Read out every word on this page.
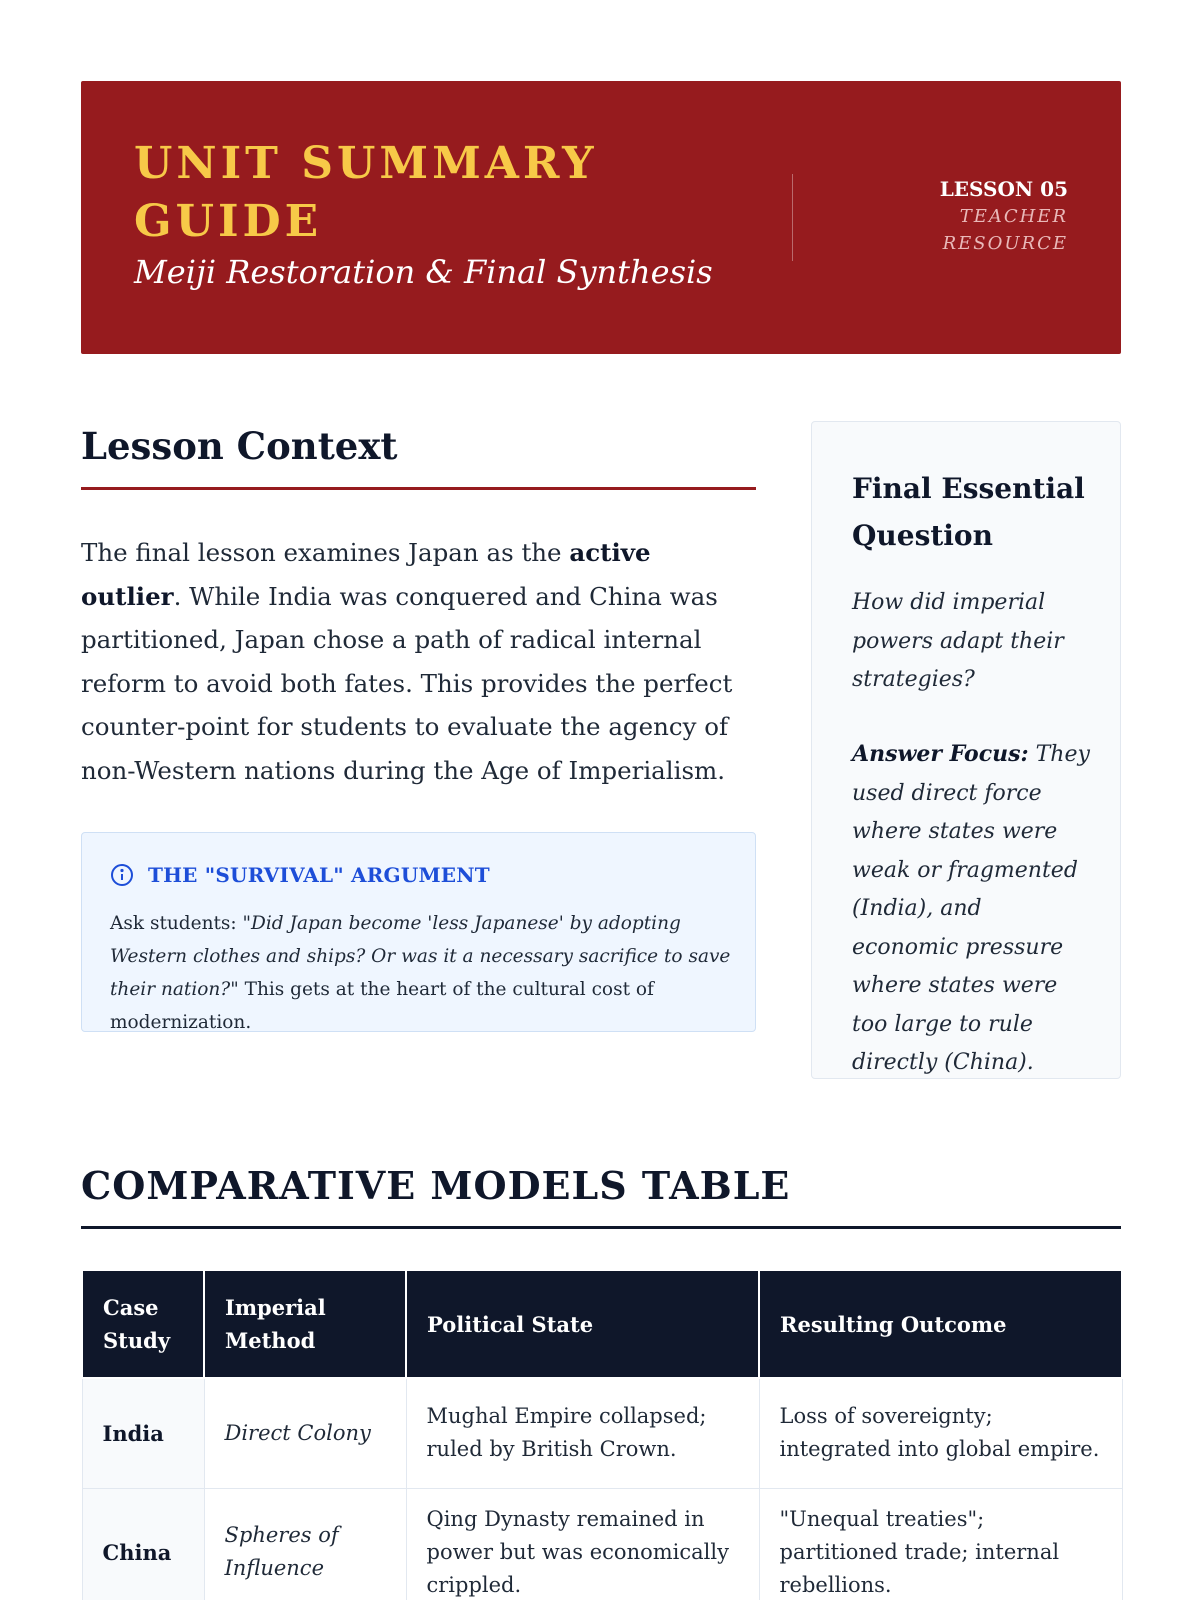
UNIT SUMMARY GUIDE
Meiji Restoration & Final Synthesis
LESSON 05
TEACHER RESOURCE
Lesson Context

The final lesson examines Japan as the active outlier. While India was conquered and China was partitioned, Japan chose a path of radical internal reform to avoid both fates. This provides the perfect counter-point for students to evaluate the agency of non-Western nations during the Age of Imperialism.

THE "SURVIVAL" ARGUMENT

Ask students: "Did Japan become 'less Japanese' by adopting Western clothes and ships? Or was it a necessary sacrifice to save their nation?" This gets at the heart of the cultural cost of modernization.

Final Essential Question

How did imperial powers adapt their strategies?

Answer Focus: They used direct force where states were weak or fragmented (India), and economic pressure where states were too large to rule directly (China).

COMPARATIVE MODELS TABLE
Case Study	Imperial Method	Political State	Resulting Outcome
India	Direct Colony	Mughal Empire collapsed; ruled by British Crown.	Loss of sovereignty; integrated into global empire.
China	Spheres of Influence	Qing Dynasty remained in power but was economically crippled.	"Unequal treaties"; partitioned trade; internal rebellions.
